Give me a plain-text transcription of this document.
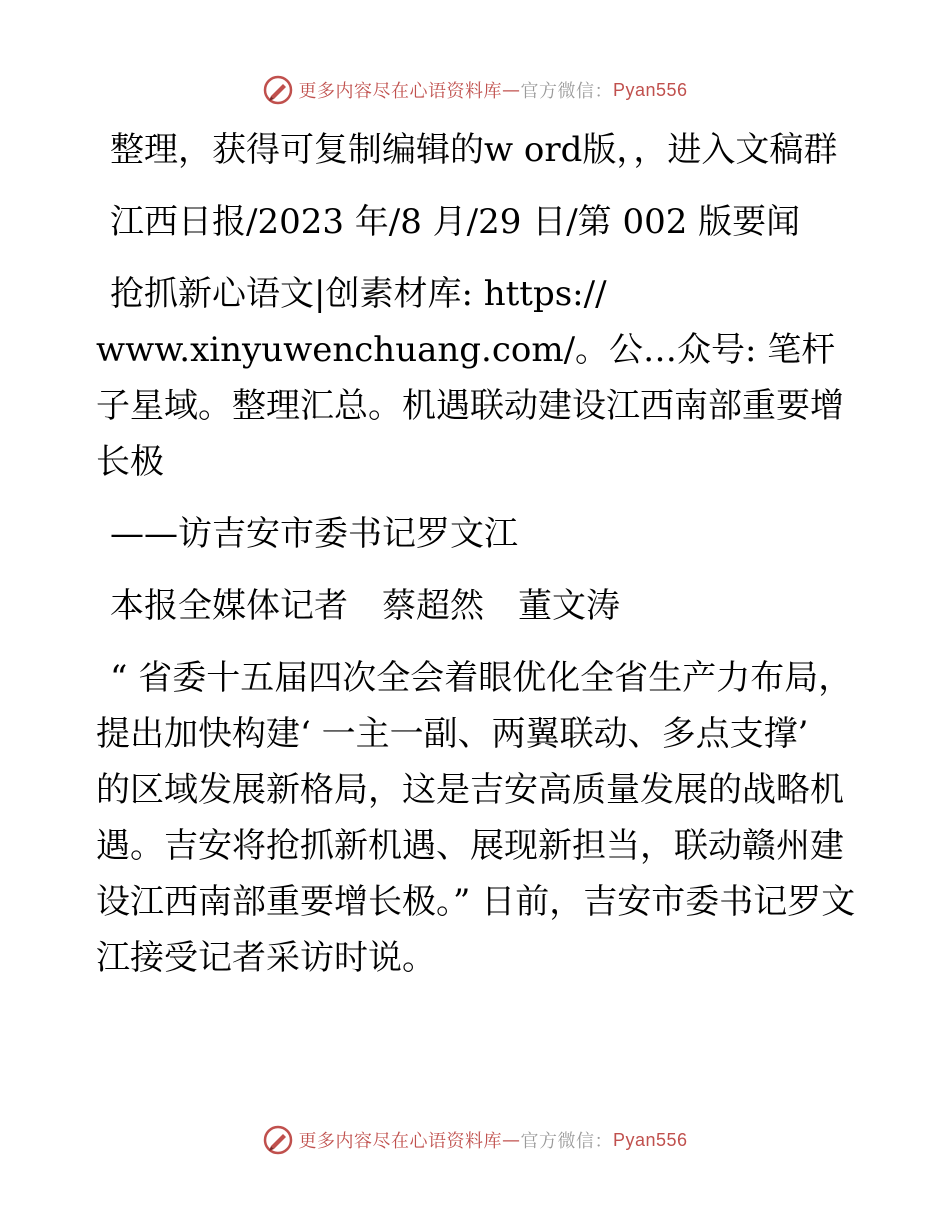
更多内容尽在心语资料库 — 官方微信： Pyan556

整理，获得可复制编辑的w ord版，，进入文稿群

江西日报/2023 年/8 月/29 日/第 002 版要闻

抢抓新心语文|创素材库: https:// www.xinyuwenchuang.com/。公…众号: 笔杆子星域。整理汇总。机遇联动建设江西南部重要增长极

——访吉安市委书记罗文江

本报全媒体记者　蔡超然　董文涛

“ 省委十五届四次全会着眼优化全省生产力布局，提出加快构建‘ 一主一副、两翼联动、多点支撑’　的区域发展新格局，这是吉安高质量发展的战略机遇。吉安将抢抓新机遇、展现新担当，联动赣州建设江西南部重要增长极。” 日前，吉安市委书记罗文江接受记者采访时说。

更多内容尽在心语资料库 — 官方微信： Pyan556
